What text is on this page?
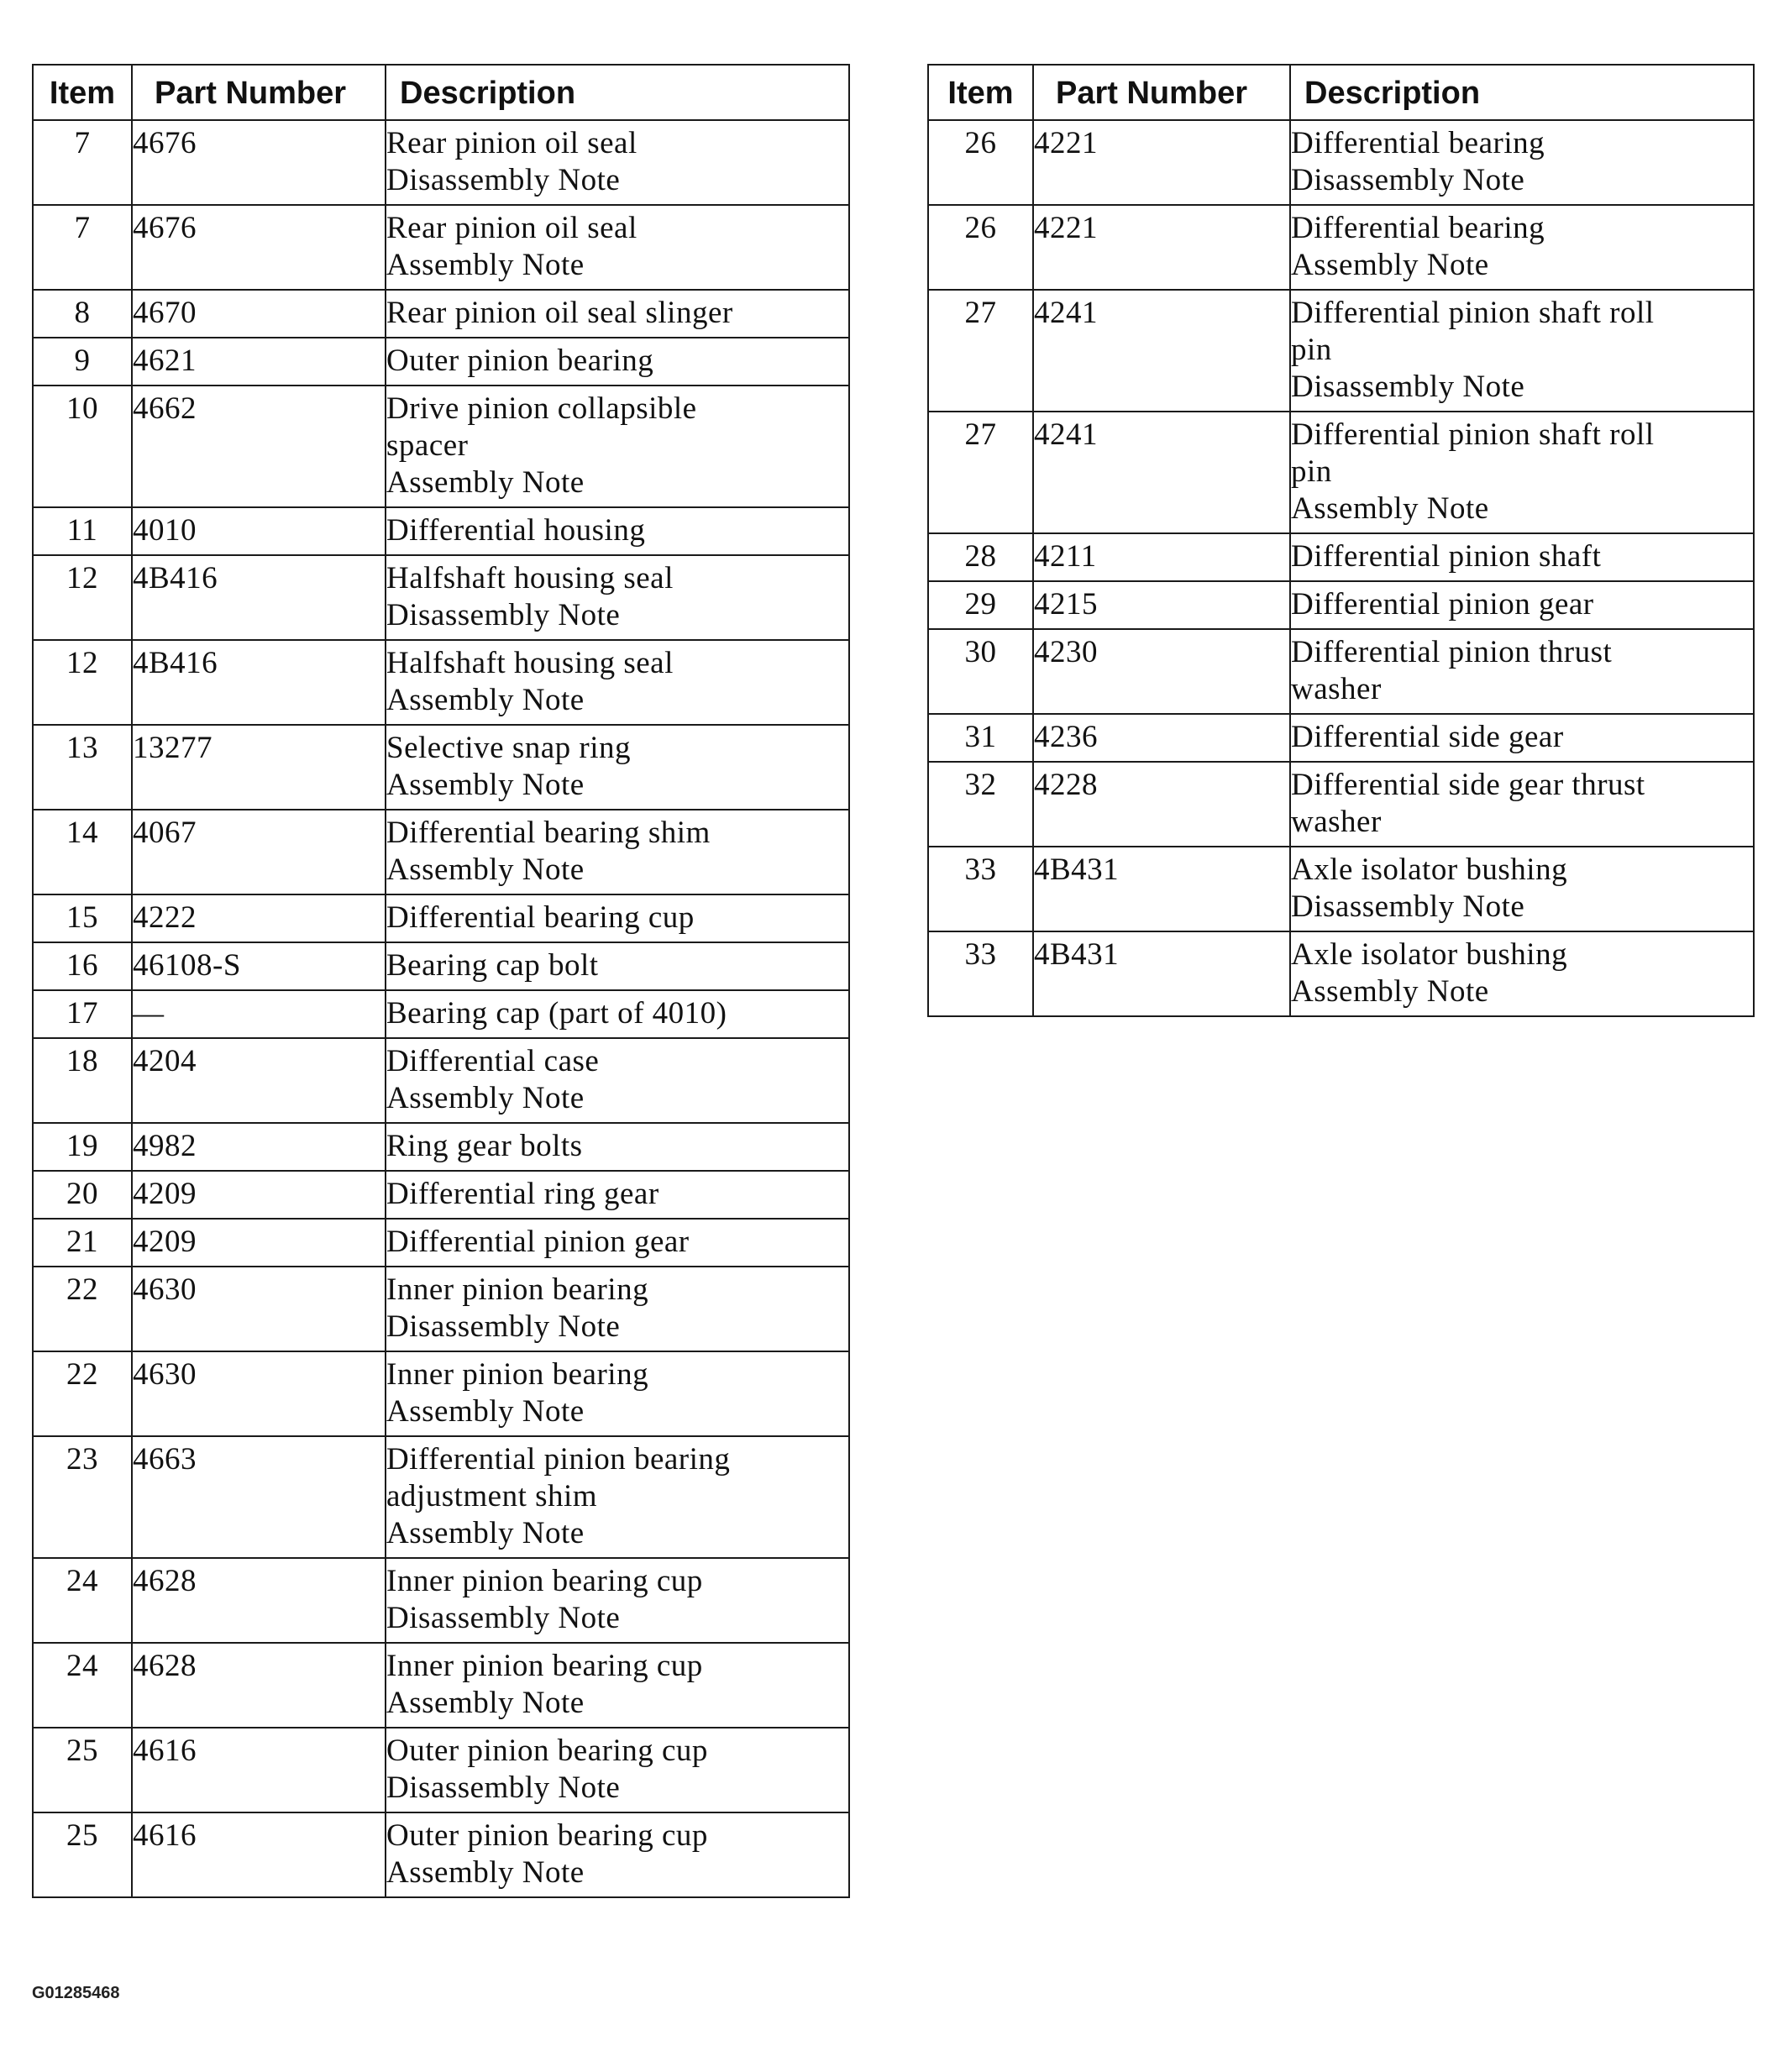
Item	Part Number	Description
7	4676	Rear pinion oil seal
Disassembly Note

7	4676	Rear pinion oil seal
Assembly Note

8	4670	Rear pinion oil seal slinger

9	4621	Outer pinion bearing

10	4662	Drive pinion collapsible
spacer
Assembly Note

11	4010	Differential housing

12	4B416	Halfshaft housing seal
Disassembly Note

12	4B416	Halfshaft housing seal
Assembly Note

13	13277	Selective snap ring
Assembly Note

14	4067	Differential bearing shim
Assembly Note

15	4222	Differential bearing cup

16	46108-S	Bearing cap bolt

17	—	Bearing cap (part of 4010)

18	4204	Differential case
Assembly Note

19	4982	Ring gear bolts

20	4209	Differential ring gear

21	4209	Differential pinion gear

22	4630	Inner pinion bearing
Disassembly Note

22	4630	Inner pinion bearing
Assembly Note

23	4663	Differential pinion bearing
adjustment shim
Assembly Note

24	4628	Inner pinion bearing cup
Disassembly Note

24	4628	Inner pinion bearing cup
Assembly Note

25	4616	Outer pinion bearing cup
Disassembly Note

25	4616	Outer pinion bearing cup
Assembly Note
Item	Part Number	Description
26	4221	Differential bearing
Disassembly Note

26	4221	Differential bearing
Assembly Note

27	4241	Differential pinion shaft roll
pin
Disassembly Note

27	4241	Differential pinion shaft roll
pin
Assembly Note

28	4211	Differential pinion shaft

29	4215	Differential pinion gear

30	4230	Differential pinion thrust
washer

31	4236	Differential side gear

32	4228	Differential side gear thrust
washer

33	4B431	Axle isolator bushing
Disassembly Note

33	4B431	Axle isolator bushing
Assembly Note
G01285468
